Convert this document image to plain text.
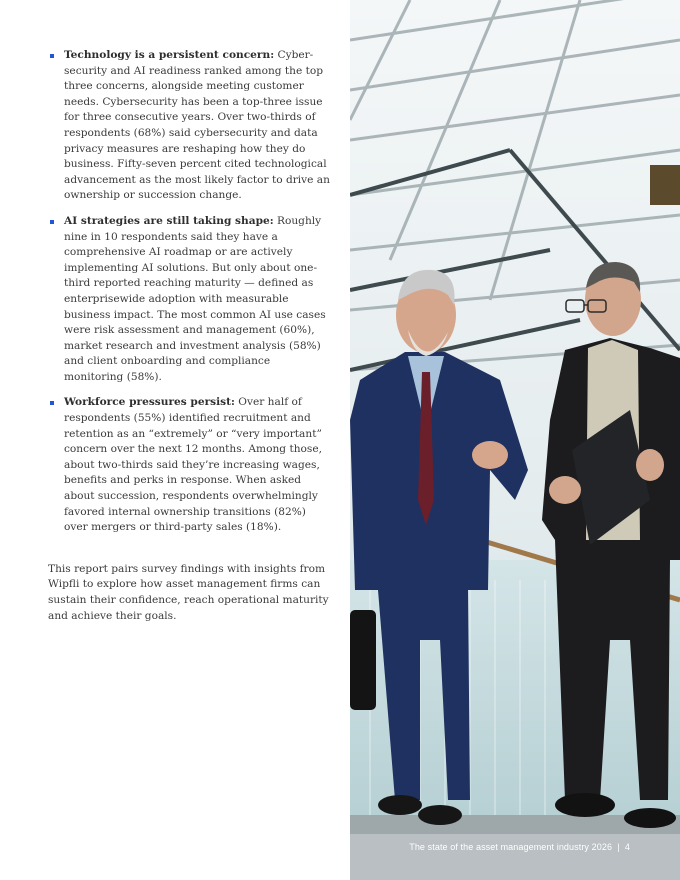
Technology is a persistent concern: Cyber-security and AI readiness ranked among the top three concerns, alongside meeting customer needs. Cybersecurity has been a top-three issue for three consecutive years. Over two-thirds of respondents (68%) said cybersecurity and data privacy measures are reshaping how they do business. Fifty-seven percent cited technological advancement as the most likely factor to drive an ownership or succession change.
AI strategies are still taking shape: Roughly nine in 10 respondents said they have a comprehensive AI roadmap or are actively implementing AI solutions. But only about one-third reported reaching maturity — defined as enterprisewide adoption with measurable business impact. The most common AI use cases were risk assessment and management (60%), market research and investment analysis (58%) and client onboarding and compliance monitoring (58%).
Workforce pressures persist: Over half of respondents (55%) identified recruitment and retention as an “extremely” or “very important” concern over the next 12 months. Among those, about two-thirds said they’re increasing wages, benefits and perks in response. When asked about succession, respondents overwhelmingly favored internal ownership transitions (82%) over mergers or third-party sales (18%).

This report pairs survey findings with insights from Wipfli to explore how asset management firms can sustain their confidence, reach operational maturity and achieve their goals.

The state of the asset management industry 2026  |  4
